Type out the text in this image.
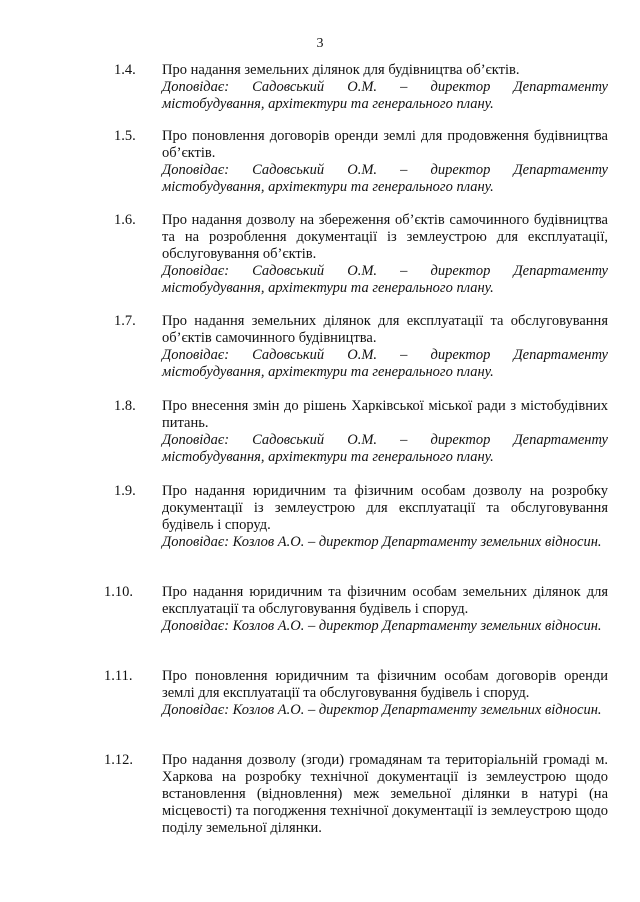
3
1.4. Про надання земельних ділянок для будівництва об’єктів.

Доповідає: Садовський О.М. – директор Департаменту містобудування, архітектури та генерального плану.

1.5. Про поновлення договорів оренди землі для продовження будівництва об’єктів.

Доповідає: Садовський О.М. – директор Департаменту містобудування, архітектури та генерального плану.

1.6. Про надання дозволу на збереження об’єктів самочинного будівництва та на розроблення документації із землеустрою для експлуатації, обслуговування об’єктів.

Доповідає: Садовський О.М. – директор Департаменту містобудування, архітектури та генерального плану.

1.7. Про надання земельних ділянок для експлуатації та обслуговування об’єктів самочинного будівництва.

Доповідає: Садовський О.М. – директор Департаменту містобудування, архітектури та генерального плану.

1.8. Про внесення змін до рішень Харківської міської ради з містобудівних питань.

Доповідає: Садовський О.М. – директор Департаменту містобудування, архітектури та генерального плану.

1.9. Про надання юридичним та фізичним особам дозволу на розробку документації із землеустрою для експлуатації та обслуговування будівель і споруд.

Доповідає: Козлов А.О. – директор Департаменту земельних відносин.

1.10. Про надання юридичним та фізичним особам земельних ділянок для експлуатації та обслуговування будівель і споруд.

Доповідає: Козлов А.О. – директор Департаменту земельних відносин.

1.11. Про поновлення юридичним та фізичним особам договорів оренди землі для експлуатації та обслуговування будівель і споруд.

Доповідає: Козлов А.О. – директор Департаменту земельних відносин.

1.12. Про надання дозволу (згоди) громадянам та територіальній громаді м. Харкова на розробку технічної документації із землеустрою щодо встановлення (відновлення) меж земельної ділянки в натурі (на місцевості) та погодження технічної документації із землеустрою щодо поділу земельної ділянки.
